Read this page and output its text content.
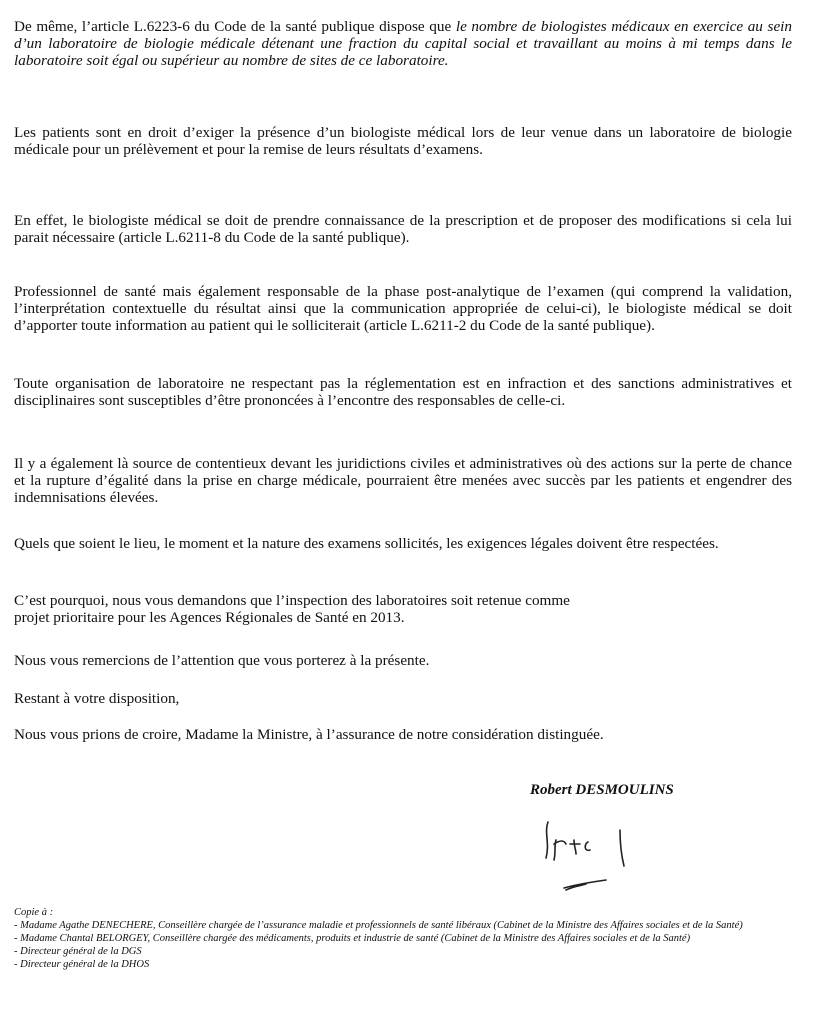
De même, l’article L.6223-6 du Code de la santé publique dispose que le nombre de biologistes médicaux en exercice au sein d’un laboratoire de biologie médicale détenant une fraction du capital social et travaillant au moins à mi temps dans le laboratoire soit égal ou supérieur au nombre de sites de ce laboratoire.

Les patients sont en droit d’exiger la présence d’un biologiste médical lors de leur venue dans un laboratoire de biologie médicale pour un prélèvement et pour la remise de leurs résultats d’examens.

En effet, le biologiste médical se doit de prendre connaissance de la prescription et de proposer des modifications si cela lui parait nécessaire (article L.6211-8 du Code de la santé publique).

Professionnel de santé mais également responsable de la phase post-analytique de l’examen (qui comprend la validation, l’interprétation contextuelle du résultat ainsi que la communication appropriée de celui-ci), le biologiste médical se doit d’apporter toute information au patient qui le solliciterait (article L.6211-2 du Code de la santé publique).

Toute organisation de laboratoire ne respectant pas la réglementation est en infraction et des sanctions administratives et disciplinaires sont susceptibles d’être prononcées à l’encontre des responsables de celle-ci.

Il y a également là source de contentieux devant les juridictions civiles et administratives où des actions sur la perte de chance et la rupture d’égalité dans la prise en charge médicale, pourraient être menées avec succès par les patients et engendrer des indemnisations élevées.

Quels que soient le lieu, le moment et la nature des examens sollicités, les exigences légales doivent être respectées.

C’est pourquoi, nous vous demandons que l’inspection des laboratoires soit retenue comme
projet prioritaire pour les Agences Régionales de Santé en 2013.

Nous vous remercions de l’attention que vous porterez à la présente.

Restant à votre disposition,

Nous vous prions de croire, Madame la Ministre, à l’assurance de notre considération distinguée.

Robert DESMOULINS
Copie à :
- Madame Agathe DENECHERE, Conseillère chargée de l’assurance maladie et professionnels de santé libéraux (Cabinet de la Ministre des Affaires sociales et de la Santé)
- Madame Chantal BELORGEY, Conseillère chargée des médicaments, produits et industrie de santé (Cabinet de la Ministre des Affaires sociales et de la Santé)
- Directeur général de la DGS
- Directeur général de la DHOS
